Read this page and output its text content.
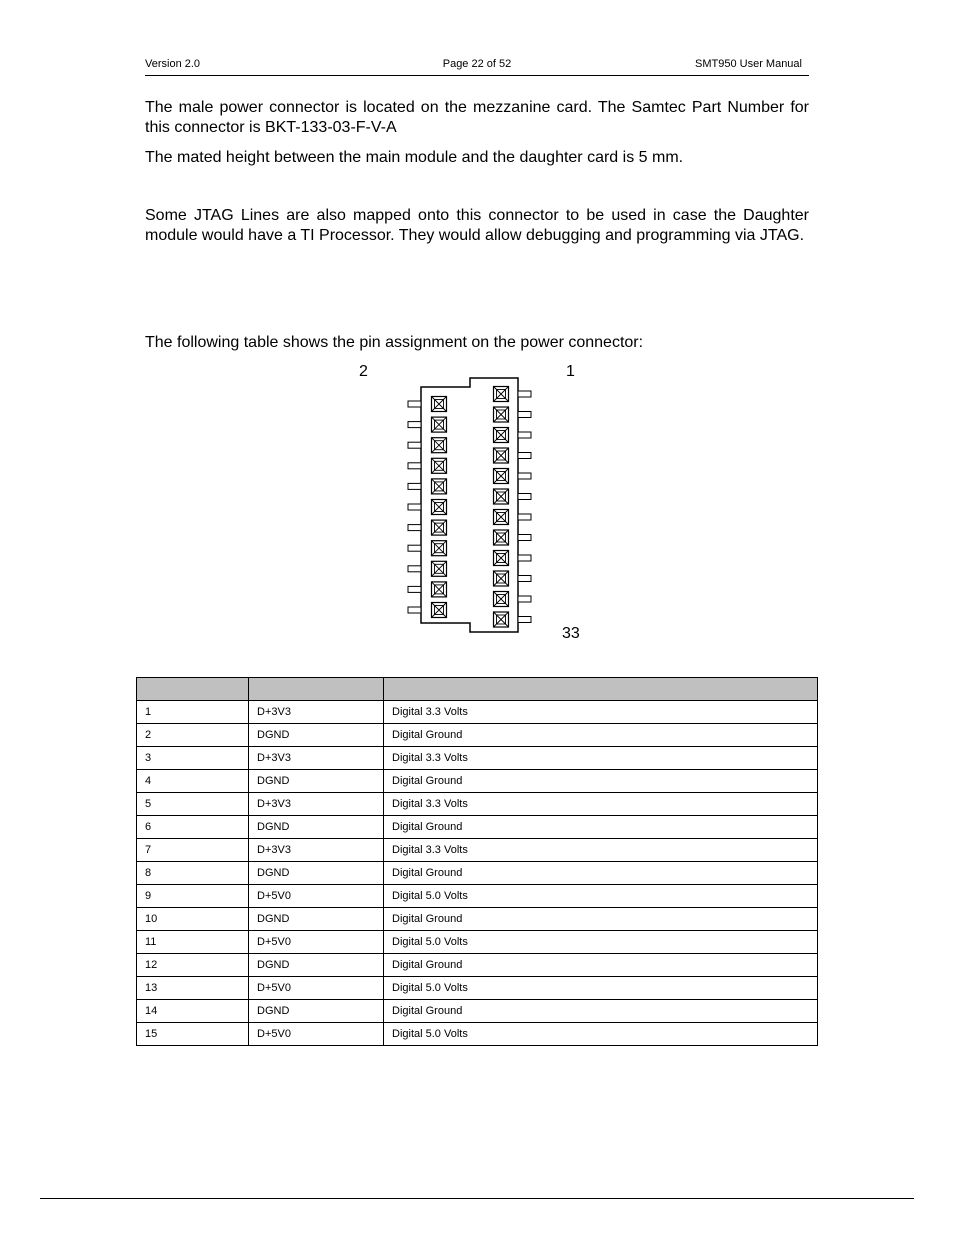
Version 2.0	Page 22 of 52	SMT950 User Manual

The male power connector is located on the mezzanine card. The Samtec Part Number for this connector is BKT-133-03-F-V-A

The mated height between the main module and the daughter card is 5 mm.

Some JTAG Lines are also mapped onto this connector to be used in case the Daughter module would have a TI Processor. They would allow debugging and programming via JTAG.

The following table shows the pin assignment on the power connector:

2	1
33

1	D+3V3	Digital 3.3 Volts
2	DGND	Digital Ground
3	D+3V3	Digital 3.3 Volts
4	DGND	Digital Ground
5	D+3V3	Digital 3.3 Volts
6	DGND	Digital Ground
7	D+3V3	Digital 3.3 Volts
8	DGND	Digital Ground
9	D+5V0	Digital 5.0 Volts
10	DGND	Digital Ground
11	D+5V0	Digital 5.0 Volts
12	DGND	Digital Ground
13	D+5V0	Digital 5.0 Volts
14	DGND	Digital Ground
15	D+5V0	Digital 5.0 Volts
